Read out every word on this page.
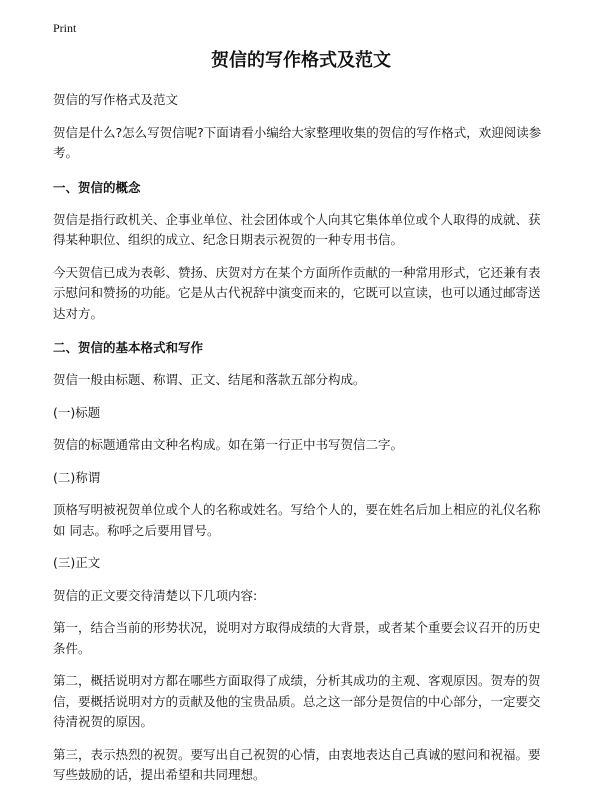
Print
贺信的写作格式及范文

贺信的写作格式及范文

贺信是什么?怎么写贺信呢?下面请看小编给大家整理收集的贺信的写作格式，欢迎阅读参考。

一、贺信的概念

贺信是指行政机关、企事业单位、社会团体或个人向其它集体单位或个人取得的成就、获得某种职位、组织的成立、纪念日期表示祝贺的一种专用书信。

今天贺信已成为表彰、赞扬、庆贺对方在某个方面所作贡献的一种常用形式，它还兼有表示慰问和赞扬的功能。它是从古代祝辞中演变而来的，它既可以宣读，也可以通过邮寄送达对方。

二、贺信的基本格式和写作

贺信一般由标题、称谓、正文、结尾和落款五部分构成。

(一)标题

贺信的标题通常由文种名构成。如在第一行正中书写贺信二字。

(二)称谓

顶格写明被祝贺单位或个人的名称或姓名。写给个人的，要在姓名后加上相应的礼仪名称如 同志。称呼之后要用冒号。

(三)正文

贺信的正文要交待清楚以下几项内容:

第一，结合当前的形势状况，说明对方取得成绩的大背景，或者某个重要会议召开的历史条件。

第二，概括说明对方都在哪些方面取得了成绩，分析其成功的主观、客观原因。贺寿的贺信，要概括说明对方的贡献及他的宝贵品质。总之这一部分是贺信的中心部分，一定要交待清祝贺的原因。

第三，表示热烈的祝贺。要写出自己祝贺的心情，由衷地表达自己真诚的慰问和祝福。要写些鼓励的话，提出希望和共同理想。
